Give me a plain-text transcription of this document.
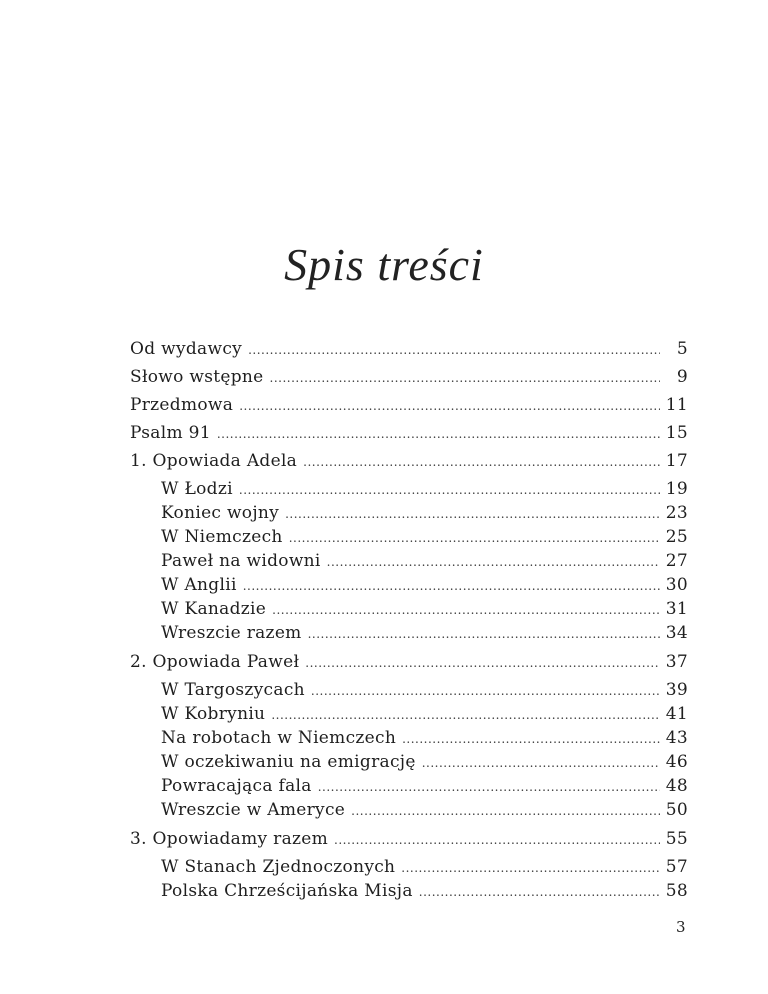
Spis treści
Od wydawcy .....	5
Słowo wstępne .....	9
Przedmowa .....	11
Psalm 91 .....	15
1. Opowiada Adela .....	17
W Łodzi .....	19
Koniec wojny .....	23
W Niemczech .....	25
Paweł na widowni .....	27
W Anglii .....	30
W Kanadzie .....	31
Wreszcie razem .....	34
2. Opowiada Paweł .....	37
W Targoszycach .....	39
W Kobryniu .....	41
Na robotach w Niemczech .....	43
W oczekiwaniu na emigrację .....	46
Powracająca fala .....	48
Wreszcie w Ameryce .....	50
3. Opowiadamy razem .....	55
W Stanach Zjednoczonych .....	57
Polska Chrześcijańska Misja .....	58
3
